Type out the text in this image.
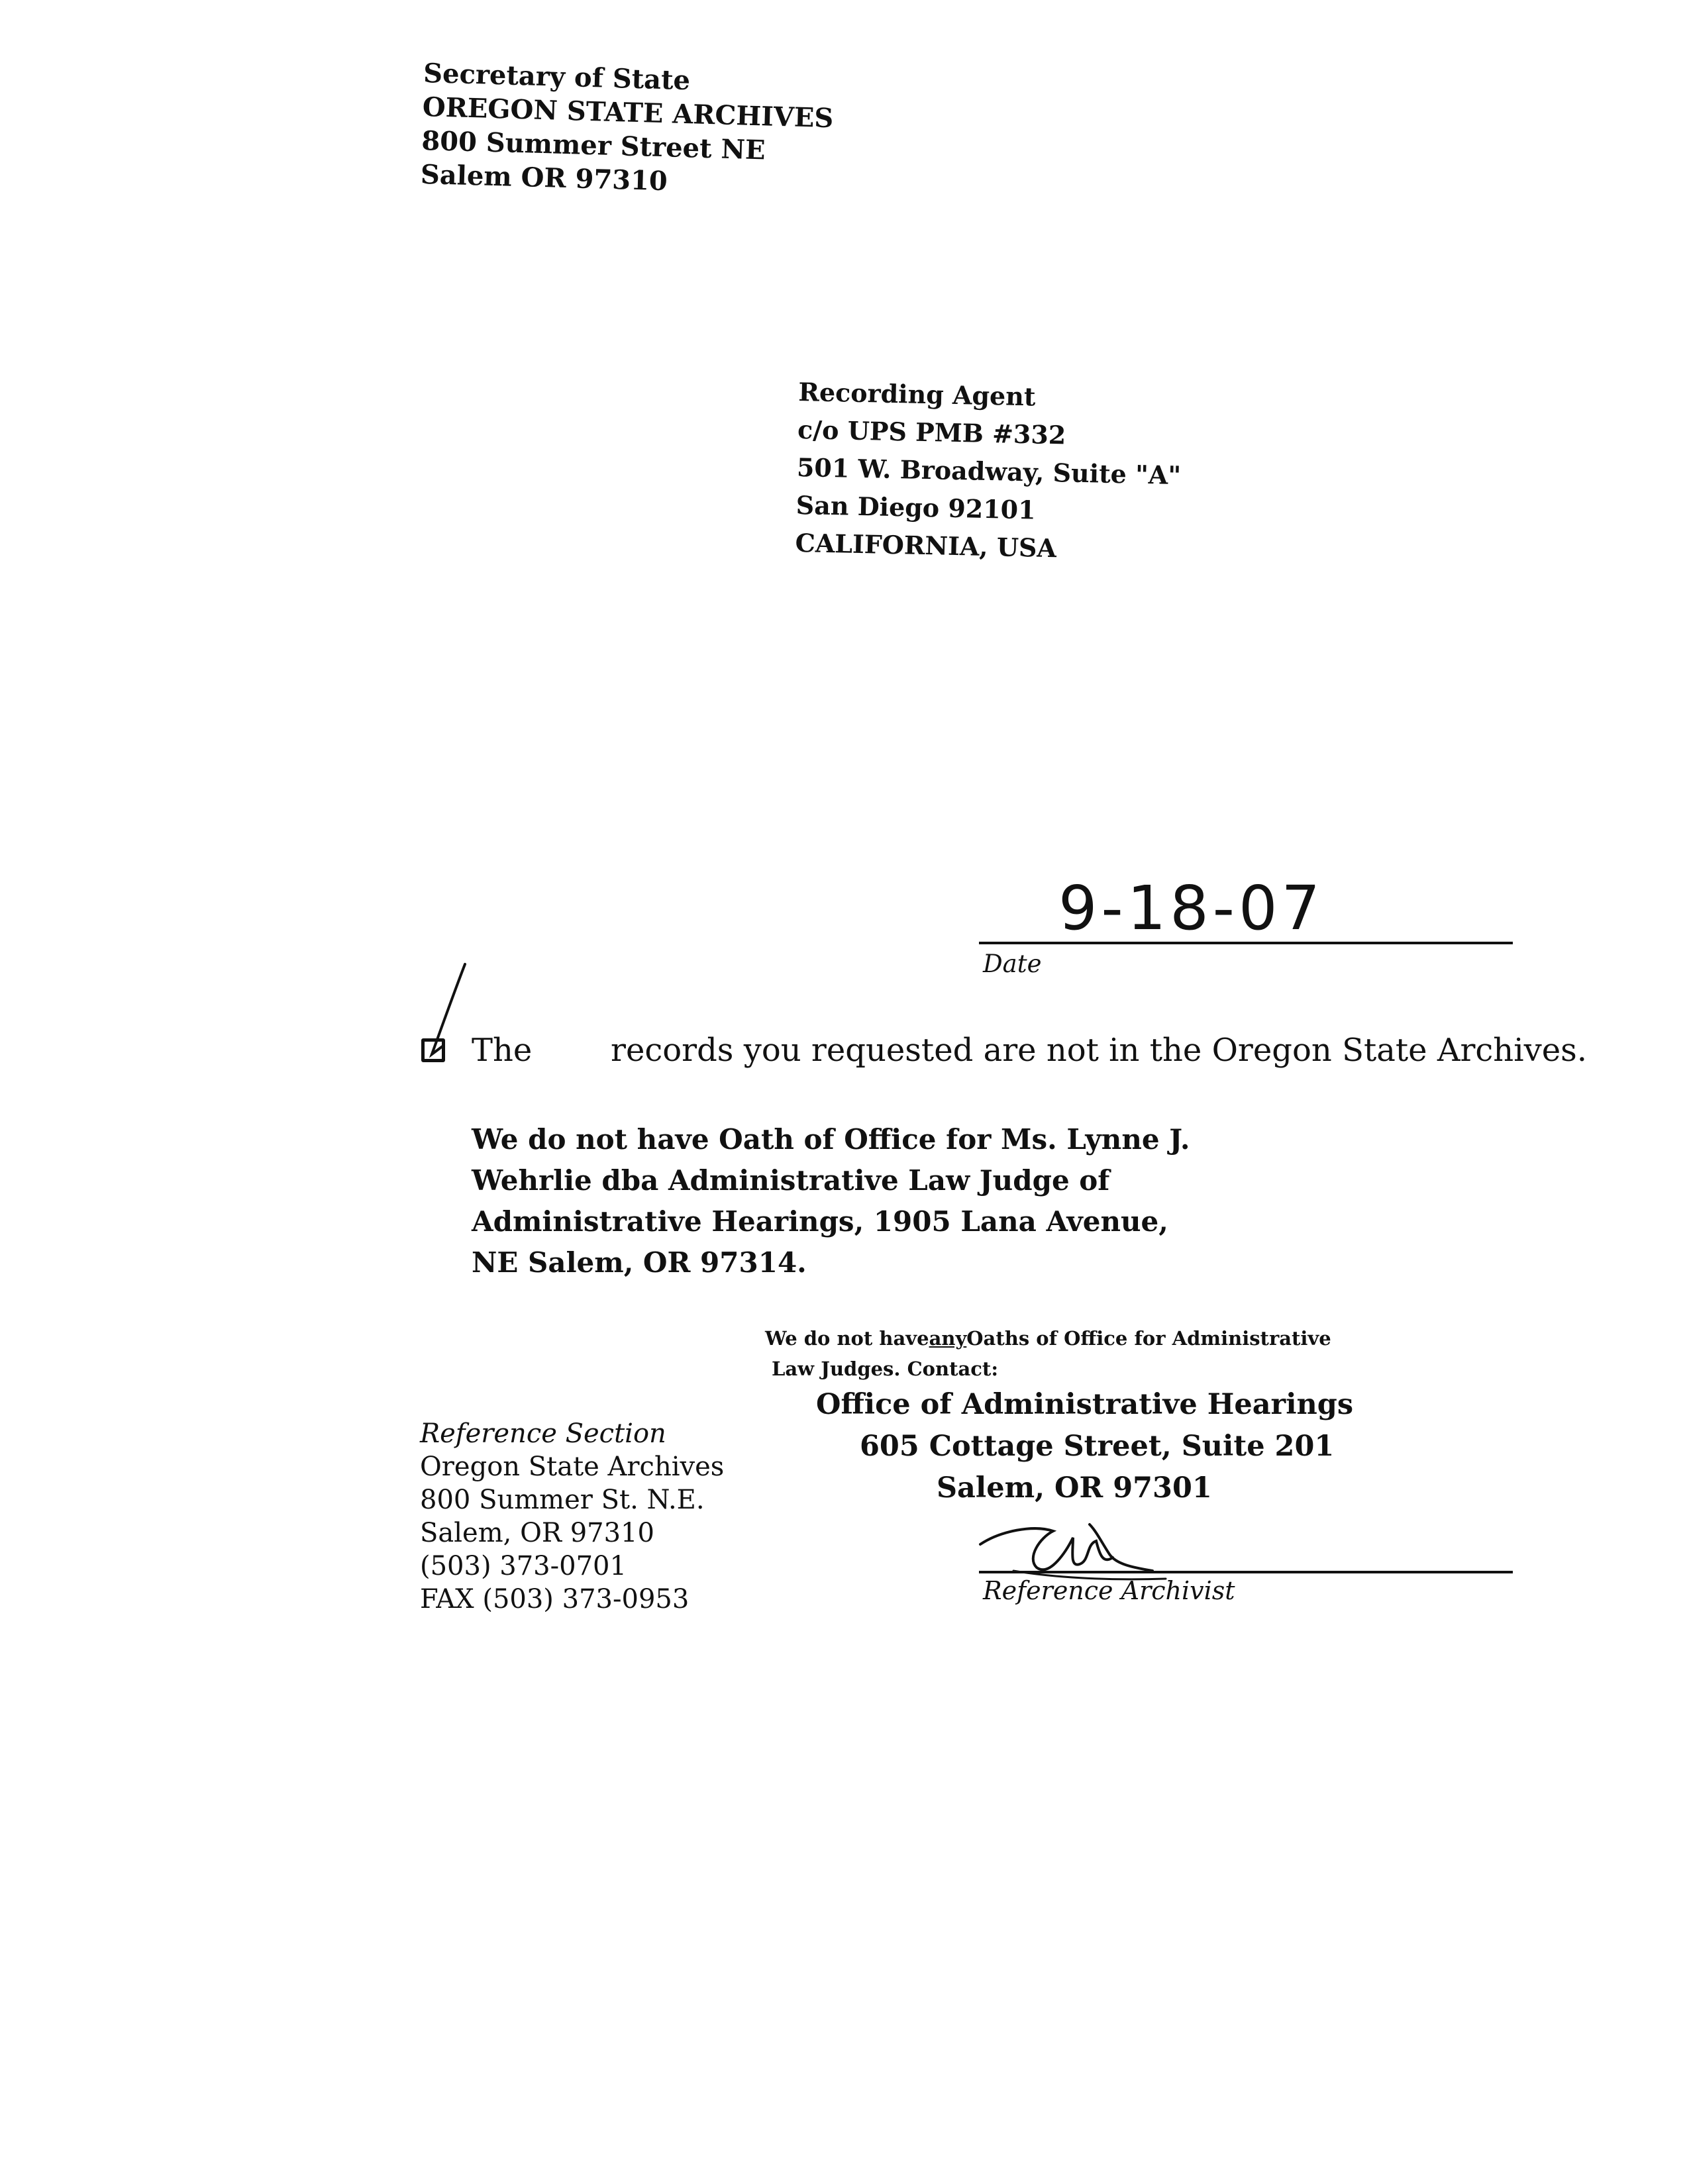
Secretary of State
OREGON STATE ARCHIVES
800 Summer Street NE
Salem OR 97310
Recording Agent
c/o UPS PMB #332
501 W. Broadway, Suite "A"
San Diego 92101
CALIFORNIA, USA
9-18-07
Date
The records you requested are not in the Oregon State Archives.
We do not have Oath of Office for Ms. Lynne J.
Wehrlie dba Administrative Law Judge of
Administrative Hearings, 1905 Lana Avenue,
NE Salem, OR 97314.
We do not haveanyOaths of Office for Administrative
Law Judges. Contact:
Office of Administrative Hearings
605 Cottage Street, Suite 201
Salem, OR 97301
Reference Section
Oregon State Archives
800 Summer St. N.E.
Salem, OR 97310
(503) 373-0701
FAX (503) 373-0953	Reference Archivist
